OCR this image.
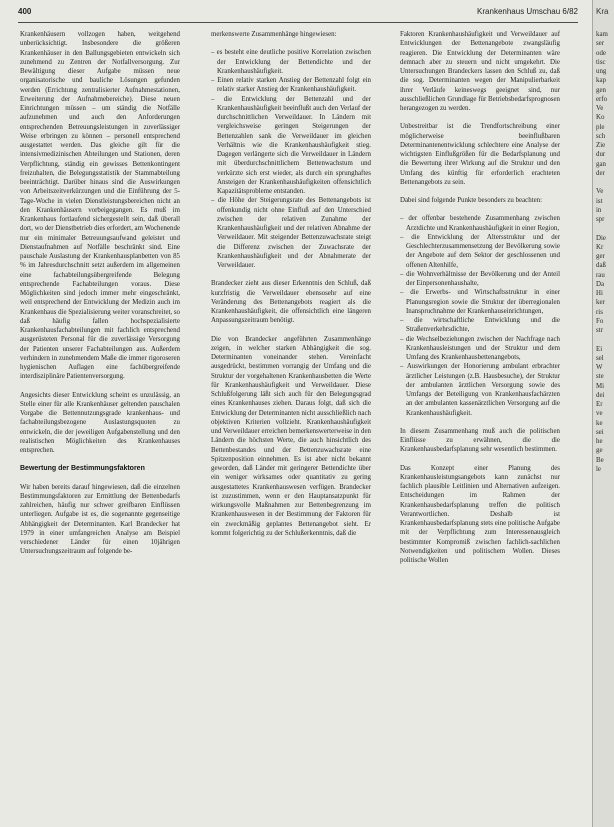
400	Krankenhaus Umschau 6/82

Krankenhäusern vollzogen haben, weitgehend unberücksichtigt. Insbesondere die größeren Krankenhäuser in den Ballungsgebieten entwickeln sich zunehmend zu Zentren der Notfallversorgung. Zur Bewältigung dieser Aufgabe müssen neue organisatorische und bauliche Lösungen gefunden werden (Errichtung zentralisierter Aufnahmestationen, Erweiterung der Aufnahmebereiche). Diese neuen Einrichtungen müssen – um ständig die Notfälle aufzunehmen und auch den Anforderungen entsprechenden Betreuungsleistungen in zuverlässiger Weise erbringen zu können – personell entsprechend ausgestattet werden. Das gleiche gilt für die intensivmedizinischen Abteilungen und Stationen, deren Verpflichtung, ständig ein gewisses Bettenkontingent freizuhalten, die Belegungsstatistik der Stammabteilung beeinträchtigt. Darüber hinaus sind die Auswirkungen von Arbeitszeitverkürzungen und die Einführung der 5-Tage-Woche in vielen Dienstleistungsbereichen nicht an den Krankenhäusern vorbeigegangen. Es muß im Krankenhaus fortlaufend sichergestellt sein, daß überall dort, wo der Dienstbetrieb dies erfordert, am Wochenende nur ein minimaler Betreuungsaufwand geleistet und Dienstaufnahmen auf Notfälle beschränkt sind. Eine pauschale Auslastung der Krankenhausplanbetten von 85 % im Jahresdurchschnitt setzt außerdem im allgemeinen eine fachabteilungsübergreifende Belegung entsprechende Fachabteilungen voraus. Diese Möglichkeiten sind jedoch immer mehr eingeschränkt, weil entsprechend der Entwicklung der Medizin auch im Krankenhaus die Spezialisierung weiter voranschreitet, so daß häufig fallen hochspezialisierte Krankenhausfachabteilungen mit fachlich entsprechend ausgerüsteten Personal für die zuverlässige Versorgung der Patienten unserer Fachabteilungen aus. Außerdem verhindern in zunehmendem Maße die immer rigoroseren hygienischen Auflagen eine fachübergreifende interdisziplinäre Patientenversorgung.

Angesichts dieser Entwicklung scheint es unzulässig, an Stelle einer für alle Krankenhäuser geltenden pauschalen Vorgabe die Bettennutzungsgrade krankenhaus- und fachabteilungsbezogene Auslastungsquoten zu entwickeln, die der jeweiligen Aufgabenstellung und den realistischen Möglichkeiten des Krankenhauses entsprechen.

Bewertung der Bestimmungsfaktoren

Wir haben bereits darauf hingewiesen, daß die einzelnen Bestimmungsfaktoren zur Ermittlung der Bettenbedarfs zahlreichen, häufig nur schwer greifbaren Einflüssen unterliegen. Aufgabe ist es, die sogenannte gegenseitige Abhängigkeit der Determinanten. Karl Brandecker hat 1979 in einer umfangreichen Analyse am Beispiel verschiedener Länder für einen 10jährigen Untersuchungszeitraum auf folgende be-

merkenswerte Zusammenhänge hingewiesen:

– es besteht eine deutliche positive Korrelation zwischen der Entwicklung der Bettendichte und der Krankenhaushäufigkeit.
– Einen relativ starken Anstieg der Bettenzahl folgt ein relativ starker Anstieg der Krankenhaushäufigkeit.
– die Entwicklung der Bettenzahl und der Krankenhaushäufigkeit beeinflußt auch den Verlauf der durchschnittlichen Verweildauer. In Ländern mit vergleichsweise geringen Steigerungen der Bettenzahlen sank die Verweildauer im gleichen Verhältnis wie die Krankenhaushäufigkeit stieg. Dagegen verlängerte sich die Verweildauer in Ländern mit überdurchschnittlichem Bettenwachstum und verkürzte sich erst wieder, als durch ein sprunghaftes Ansteigen der Krankenhaushäufigkeiten offensichtlich Kapazitätsprobleme entstanden.
– die Höhe der Steigerungsrate des Bettenangebots ist offenkundig nicht ohne Einfluß auf den Unterschied zwischen der relativen Zunahme der Krankenhaushäufigkeit und der relativen Abnahme der Verweildauer. Mit steigender Bettenzuwachsrate steigt die Differenz zwischen der Zuwachsrate der Krankenhaushäufigkeit und der Abnahmerate der Verweildauer.

Brandecker zieht aus dieser Erkenntnis den Schluß, daß kurzfristig die Verweildauer ebensosehr auf eine Veränderung des Bettenangebots reagiert als die Krankenhaushäufigkeit, die offensichtlich eine längeren Anpassungszeitraum benötigt.

Die von Brandecker angeführten Zusammenhänge zeigen, in welcher starken Abhängigkeit die sog. Determinanten voneinander stehen. Vereinfacht ausgedrückt, bestimmen vorrangig der Umfang und die Struktur der vorgehaltenen Krankenhausbetten die Werte für Krankenhaushäufigkeit und Verweildauer. Diese Schlußfolgerung läßt sich auch für den Belegungsgrad eines Krankenhauses ziehen. Daraus folgt, daß sich die Entwicklung der Determinanten nicht ausschließlich nach objektiven Kriterien vollzieht. Krankenhaushäufigkeit und Verweildauer erreichen bemerkenswerterweise in den Ländern die höchsten Werte, die auch hinsichtlich des Bettenbestandes und der Bettenzuwachsrate eine Spitzenposition einnehmen. Es ist aber nicht bekannt geworden, daß Länder mit geringerer Bettendichte über ein weniger wirksames oder quantitativ zu gering ausgestattetes Krankenhauswesen verfügen. Brandecker ist zuzustimmen, wenn er den Hauptansatzpunkt für wirkungsvolle Maßnahmen zur Bettenbegrenzung im Krankenhauswesen in der Bestimmung der Faktoren für ein zweckmäßig geplantes Bettenangebot sieht. Er kommt folgerichtig zu der Schlußerkenntnis, daß die

Faktoren Krankenhaushäufigkeit und Verweildauer auf Entwicklungen der Bettenangebote zwangsläufig reagieren. Die Entwicklung der Determinanten wäre demnach aber zu steuern und nicht umgekehrt. Die Untersuchungen Brandeckers lassen den Schluß zu, daß die sog. Determinanten wegen der Manipulierbarkeit ihrer Verläufe keineswegs geeignet sind, nur ausschließlichen Grundlage für Betriebsbedarfsprognosen herangezogen zu werden.

Unbestreitbar ist die Trendfortschreibung einer möglicherweise beeinflußbaren Determinantenentwicklung schlechtere eine Analyse der wichtigsten Einflußgrößen für die Bedarfsplanung und die Bewertung ihrer Wirkung auf die Struktur und den Umfang des künftig für erforderlich erachteten Bettenangebots zu sein.

Dabei sind folgende Punkte besonders zu beachten:

– der offenbar bestehende Zusammenhang zwischen Arztdichte und Krankenhaushäufigkeit in einer Region,
– die Entwicklung der Altersstruktur und der Geschlechterzusammensetzung der Bevölkerung sowie der Angebote auf dem Sektor der geschlossenen und offenen Altenhilfe,
– die Wohnverhältnisse der Bevölkerung und der Anteil der Einpersonenhaushalte,
– die Erwerbs- und Wirtschaftsstruktur in einer Planungsregion sowie die Struktur der überregionalen Inanspruchnahme der Krankenhauseinrichtungen,
– die wirtschaftliche Entwicklung und die Straßenverkehrsdichte,
– die Wechselbeziehungen zwischen der Nachfrage nach Krankenhausleistungen und der Struktur und dem Umfang des Krankenhausbettenangebots,
– Auswirkungen der Honorierung ambulant erbrachter ärztlicher Leistungen (z.B. Hausbesuche), der Struktur der ambulanten ärztlichen Versorgung sowie des Umfangs der Beteiligung von Krankenhausfachärzten an der ambulanten kassenärztlichen Versorgung auf die Krankenhaushäufigkeit.

In diesem Zusammenhang muß auch die politischen Einflüsse zu erwähnen, die die Krankenhausbedarfsplanung sehr wesentlich bestimmen.

Das Konzept einer Planung des Krankenhausleistungsangebots kann zunächst nur fachlich plausible Leitlinien und Alternativen aufzeigen. Entscheidungen im Rahmen der Krankenhausbedarfsplanung treffen die politisch Verantwortlichen. Deshalb ist Krankenhausbedarfsplanung stets eine politische Aufgabe mit der Verpflichtung zum Interessenausgleich bestimmter Kompromiß zwischen fachlich-sachlichen Notwendigkeiten und politischem Wollen. Dieses politische Wollen

Kra
kam
ser
ode
tisc
ung
kap
gen
erfo
Ve
Ko
ple
sch
Zie
dur
gan
der

Ve
ist
in
spr

Die
Kr
ger
daß
rau
Da
Hi
ker
ris
Fo
str

Ei
sel
W
ste
Mi
dei
Er
ve
ke
sei
he
ge
Be
le
